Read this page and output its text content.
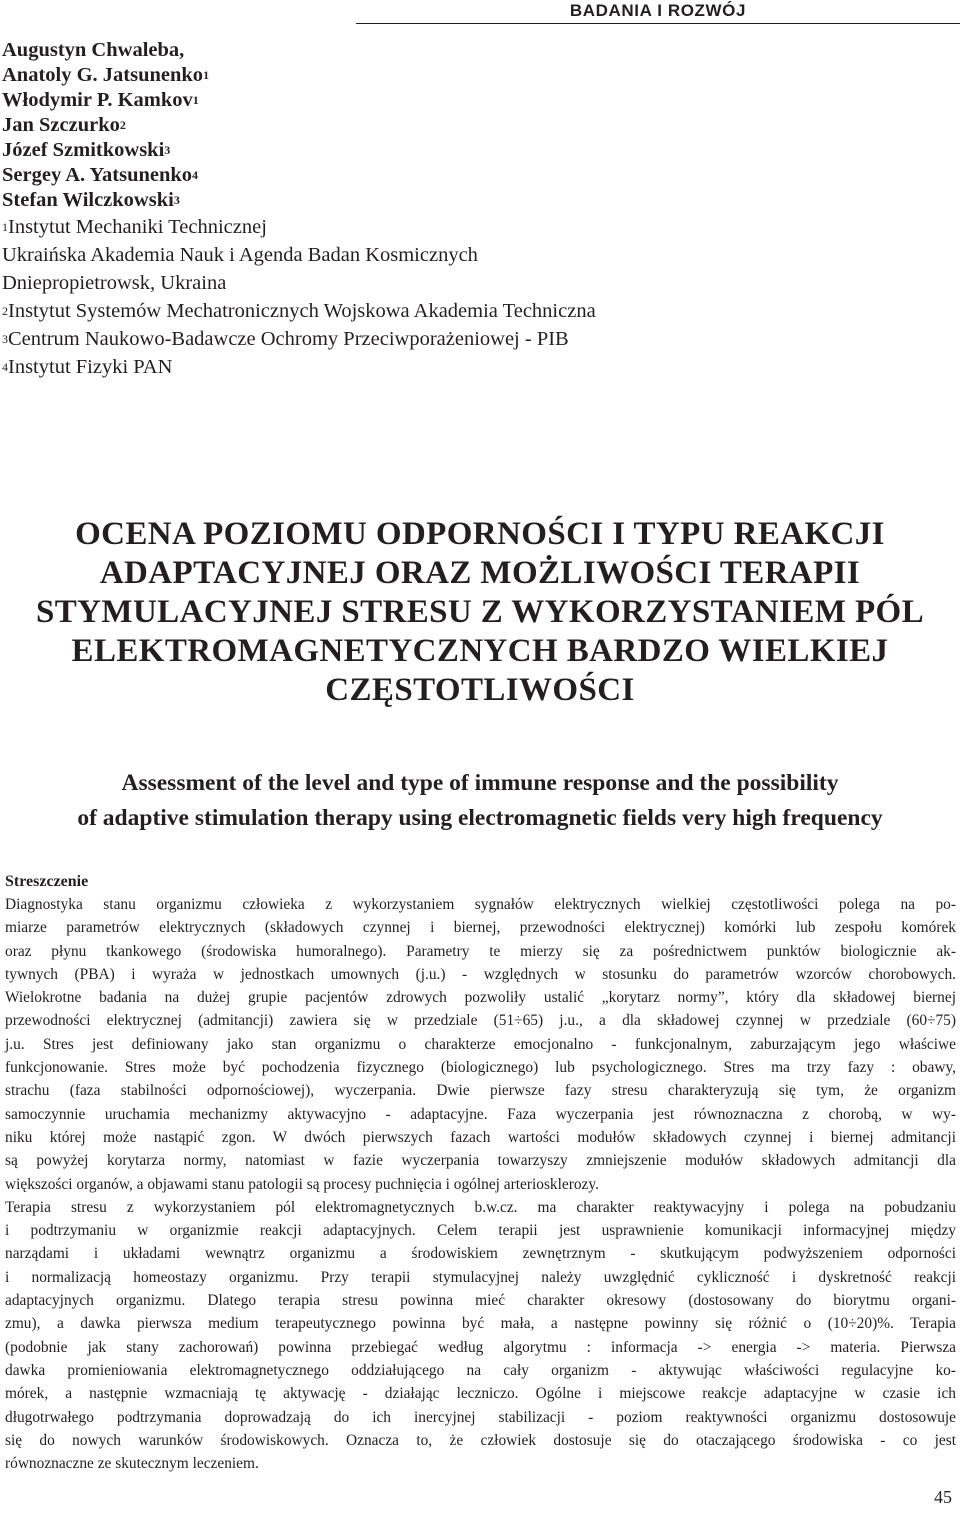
BADANIA I ROZWÓJ
Augustyn Chwaleba,
Anatoly G. Jatsunenko$^1$
Włodymir P. Kamkov$^1$
Jan Szczurko$^2$
Józef Szmitkowski$^3$
Sergey A. Yatsunenko$^4$
Stefan Wilczkowski$^3$
$^1$Instytut Mechaniki Technicznej
Ukraińska Akademia Nauk i Agenda Badan Kosmicznych
Dniepropietrowsk, Ukraina
$^2$Instytut Systemów Mechatronicznych Wojskowa Akademia Techniczna
$^3$Centrum Naukowo-Badawcze Ochromy Przeciwporażeniowej - PIB
$^4$Instytut Fizyki PAN
OCENA POZIOMU ODPORNOŚCI I TYPU REAKCJI
ADAPTACYJNEJ ORAZ MOŻLIWOŚCI TERAPII
STYMULACYJNEJ STRESU Z WYKORZYSTANIEM PÓL
ELEKTROMAGNETYCZNYCH BARDZO WIELKIEJ
CZĘSTOTLIWOŚCI
Assessment of the level and type of immune response and the possibility
of adaptive stimulation therapy using electromagnetic fields very high frequency
Streszczenie
Diagnostyka stanu organizmu człowieka z wykorzystaniem sygnałów elektrycznych wielkiej częstotliwości polega na po-
miarze parametrów elektrycznych (składowych czynnej i biernej, przewodności elektrycznej) komórki lub zespołu komórek
oraz płynu tkankowego (środowiska humoralnego). Parametry te mierzy się za pośrednictwem punktów biologicznie ak-
tywnych (PBA) i wyraża w jednostkach umownych (j.u.) - względnych w stosunku do parametrów wzorców chorobowych.
Wielokrotne badania na dużej grupie pacjentów zdrowych pozwoliły ustalić „korytarz normy”, który dla składowej biernej
przewodności elektrycznej (admitancji) zawiera się w przedziale (51÷65) j.u., a dla składowej czynnej w przedziale (60÷75)
j.u. Stres jest definiowany jako stan organizmu o charakterze emocjonalno - funkcjonalnym, zaburzającym jego właściwe
funkcjonowanie. Stres może być pochodzenia fizycznego (biologicznego) lub psychologicznego. Stres ma trzy fazy : obawy,
strachu (faza stabilności odpornościowej), wyczerpania. Dwie pierwsze fazy stresu charakteryzują się tym, że organizm
samoczynnie uruchamia mechanizmy aktywacyjno - adaptacyjne. Faza wyczerpania jest równoznaczna z chorobą, w wy-
niku której może nastąpić zgon. W dwóch pierwszych fazach wartości modułów składowych czynnej i biernej admitancji
są powyżej korytarza normy, natomiast w fazie wyczerpania towarzyszy zmniejszenie modułów składowych admitancji dla
większości organów, a objawami stanu patologii są procesy puchnięcia i ogólnej arteriosklerozy.
Terapia stresu z wykorzystaniem pól elektromagnetycznych b.w.cz. ma charakter reaktywacyjny i polega na pobudzaniu
i podtrzymaniu w organizmie reakcji adaptacyjnych. Celem terapii jest usprawnienie komunikacji informacyjnej między
narządami i układami wewnątrz organizmu a środowiskiem zewnętrznym - skutkującym podwyższeniem odporności
i normalizacją homeostazy organizmu. Przy terapii stymulacyjnej należy uwzględnić cykliczność i dyskretność reakcji
adaptacyjnych organizmu. Dlatego terapia stresu powinna mieć charakter okresowy (dostosowany do biorytmu organi-
zmu), a dawka pierwsza medium terapeutycznego powinna być mała, a następne powinny się różnić o (10÷20)%. Terapia
(podobnie jak stany zachorowań) powinna przebiegać według algorytmu : informacja -> energia -> materia. Pierwsza
dawka promieniowania elektromagnetycznego oddziałującego na cały organizm - aktywując właściwości regulacyjne ko-
mórek, a następnie wzmacniają tę aktywację - działając leczniczo. Ogólne i miejscowe reakcje adaptacyjne w czasie ich
długotrwałego podtrzymania doprowadzają do ich inercyjnej stabilizacji - poziom reaktywności organizmu dostosowuje
się do nowych warunków środowiskowych. Oznacza to, że człowiek dostosuje się do otaczającego środowiska - co jest
równoznaczne ze skutecznym leczeniem.
45
